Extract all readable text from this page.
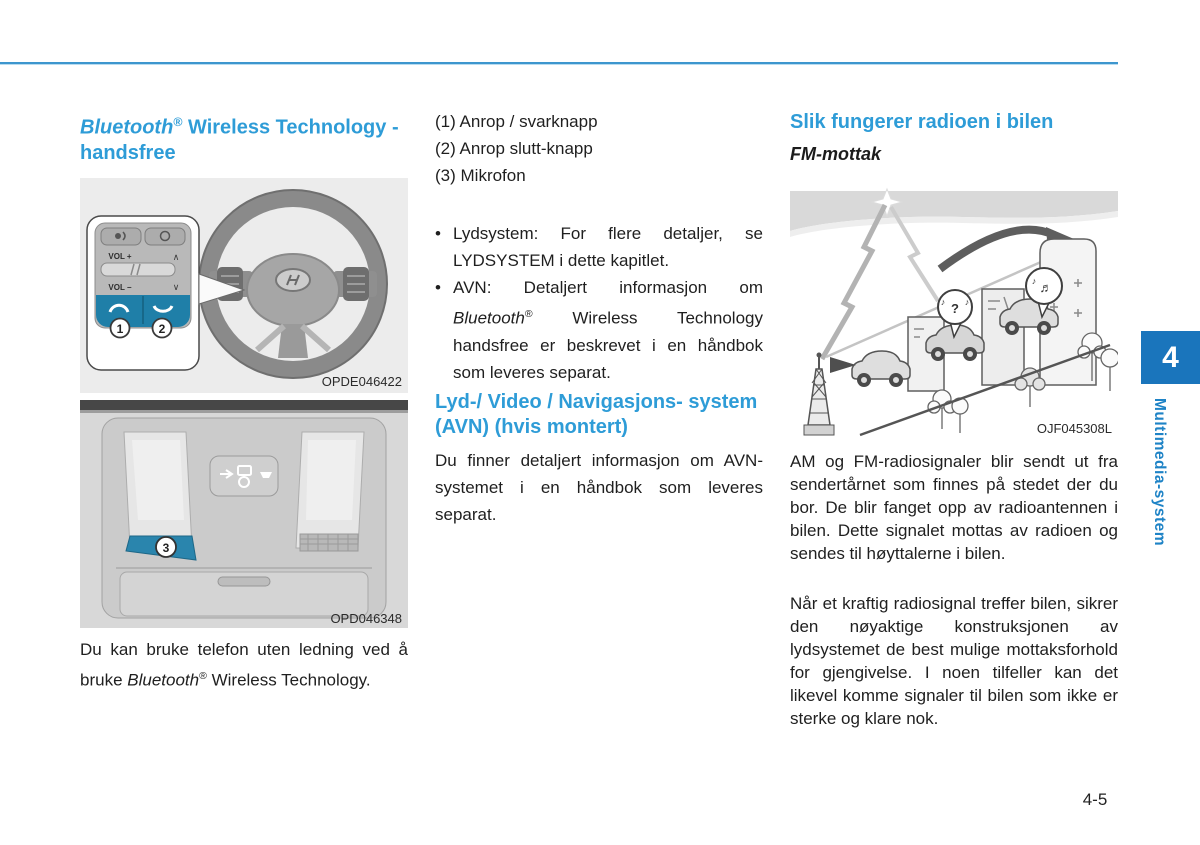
Bluetooth® Wireless Technology -handsfree
VOL +	∧
VOL −	∨
1	2
OPDE046422
3
OPD046348

Du kan bruke telefon uten ledning ved å bruke Bluetooth® Wireless Technology.

(1) Anrop / svarknapp
(2) Anrop slutt-knapp
(3) Mikrofon
• Lydsystem: For flere detaljer, se LYDSYSTEM i dette kapitlet.
• AVN: Detaljert informasjon om Bluetooth® Wireless Technology handsfree er beskrevet i en håndbok som leveres separat.
Lyd-/ Video / Navigasjons- system (AVN) (hvis montert)

Du finner detaljert informasjon om AVN-systemet i en håndbok som leveres separat.

Slik fungerer radioen i bilen

FM-mottak

?
♪ ♪
♬
♪
OJF045308L

AM og FM-radiosignaler blir sendt ut fra sendertårnet som finnes på stedet der du bor. De blir fanget opp av radioantennen i bilen. Dette signalet mottas av radioen og sendes til høyttalerne i bilen.

Når et kraftig radiosignal treffer bilen, sikrer den nøyaktige konstruksjonen av lydsystemet de best mulige mottaksforhold for gjengivelse. I noen tilfeller kan det likevel komme signaler til bilen som ikke er sterke og klare nok.

4
Multimedia-system
4-5
